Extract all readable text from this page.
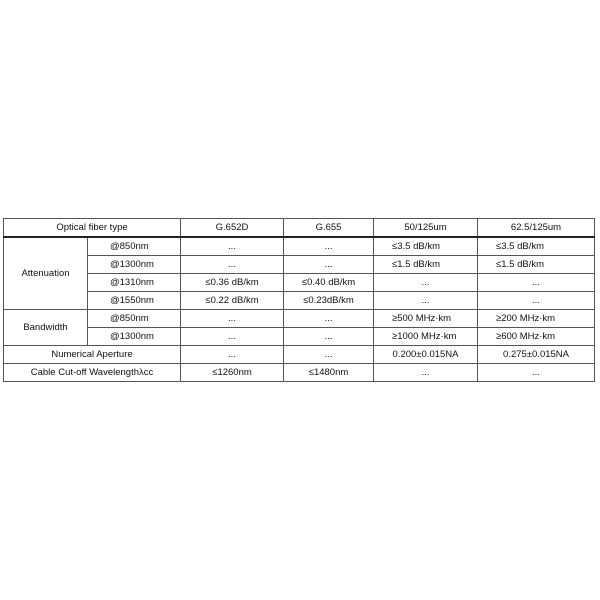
Optical fiber type		G.652D	G.655	50/125um	62.5/125um
Attenuation	@850nm	...	...	≤3.5 dB/km	≤3.5 dB/km
	@1300nm	...	...	≤1.5 dB/km	≤1.5 dB/km
	@1310nm	≤0.36 dB/km	≤0.40 dB/km	...	...
	@1550nm	≤0.22 dB/km	≤0.23dB/km	...	...
Bandwidth	@850nm	...	...	≥500 MHz·km	≥200 MHz·km
	@1300nm	...	...	≥1000 MHz·km	≥600 MHz·km
Numerical Aperture		...	...	0.200±0.015NA	0.275±0.015NA
Cable Cut-off Wavelengthλcc		≤1260nm	≤1480nm	...	...
